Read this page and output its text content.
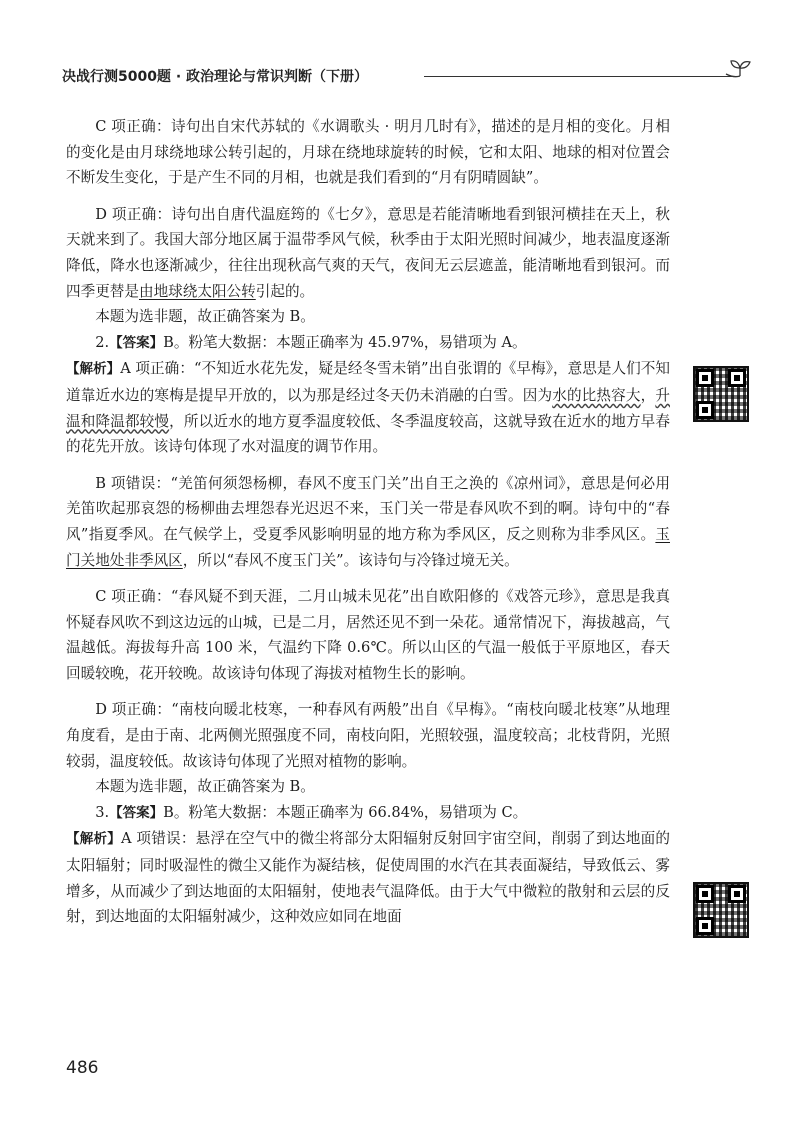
决战行测5000题 · 政治理论与常识判断（下册）

C 项正确：诗句出自宋代苏轼的《水调歌头 · 明月几时有》，描述的是月相的变化。月相的变化是由月球绕地球公转引起的，月球在绕地球旋转的时候，它和太阳、地球的相对位置会不断发生变化，于是产生不同的月相，也就是我们看到的“月有阴晴圆缺”。

D 项正确：诗句出自唐代温庭筠的《七夕》，意思是若能清晰地看到银河横挂在天上，秋天就来到了。我国大部分地区属于温带季风气候，秋季由于太阳光照时间减少，地表温度逐渐降低，降水也逐渐减少，往往出现秋高气爽的天气，夜间无云层遮盖，能清晰地看到银河。而四季更替是由地球绕太阳公转引起的。

本题为选非题，故正确答案为 B。

2.【答案】B。粉笔大数据：本题正确率为 45.97%，易错项为 A。

【解析】A 项正确：“不知近水花先发，疑是经冬雪未销”出自张谓的《早梅》，意思是人们不知道靠近水边的寒梅是提早开放的，以为那是经过冬天仍未消融的白雪。因为水的比热容大，升温和降温都较慢，所以近水的地方夏季温度较低、冬季温度较高，这就导致在近水的地方早春的花先开放。该诗句体现了水对温度的调节作用。

B 项错误：“羌笛何须怨杨柳，春风不度玉门关”出自王之涣的《凉州词》，意思是何必用羌笛吹起那哀怨的杨柳曲去埋怨春光迟迟不来，玉门关一带是春风吹不到的啊。诗句中的“春风”指夏季风。在气候学上，受夏季风影响明显的地方称为季风区，反之则称为非季风区。玉门关地处非季风区，所以“春风不度玉门关”。该诗句与冷锋过境无关。

C 项正确：“春风疑不到天涯，二月山城未见花”出自欧阳修的《戏答元珍》，意思是我真怀疑春风吹不到这边远的山城，已是二月，居然还见不到一朵花。通常情况下，海拔越高，气温越低。海拔每升高 100 米，气温约下降 0.6℃。所以山区的气温一般低于平原地区，春天回暖较晚，花开较晚。故该诗句体现了海拔对植物生长的影响。

D 项正确：“南枝向暖北枝寒，一种春风有两般”出自《早梅》。“南枝向暖北枝寒”从地理角度看，是由于南、北两侧光照强度不同，南枝向阳，光照较强，温度较高；北枝背阴，光照较弱，温度较低。故该诗句体现了光照对植物的影响。

本题为选非题，故正确答案为 B。

3.【答案】B。粉笔大数据：本题正确率为 66.84%，易错项为 C。

【解析】A 项错误：悬浮在空气中的微尘将部分太阳辐射反射回宇宙空间，削弱了到达地面的太阳辐射；同时吸湿性的微尘又能作为凝结核，促使周围的水汽在其表面凝结，导致低云、雾增多，从而减少了到达地面的太阳辐射，使地表气温降低。由于大气中微粒的散射和云层的反射，到达地面的太阳辐射减少，这种效应如同在地面

486
